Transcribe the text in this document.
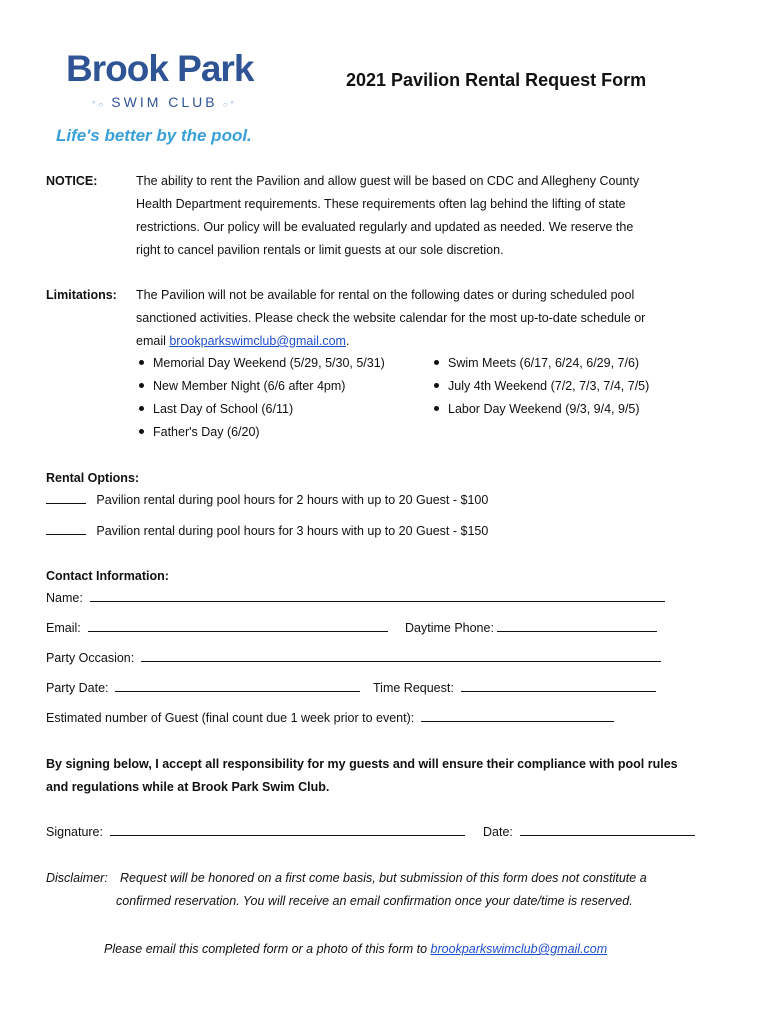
Brook Park
°○ SWIM CLUB ○°
Life's better by the pool.
2021 Pavilion Rental Request Form
NOTICE:	The ability to rent the Pavilion and allow guest will be based on CDC and Allegheny County
Health Department requirements. These requirements often lag behind the lifting of state
restrictions. Our policy will be evaluated regularly and updated as needed. We reserve the
right to cancel pavilion rentals or limit guests at our sole discretion.
Limitations: The Pavilion will not be available for rental on the following dates or during scheduled pool
sanctioned activities. Please check the website calendar for the most up-to-date schedule or
email brookparkswimclub@gmail.com.
Memorial Day Weekend (5/29, 5/30, 5/31)
New Member Night (6/6 after 4pm)
Last Day of School (6/11)
Father's Day (6/20)
Swim Meets (6/17, 6/24, 6/29, 7/6)
July 4th Weekend (7/2, 7/3, 7/4, 7/5)
Labor Day Weekend (9/3, 9/4, 9/5)
Rental Options:
Pavilion rental during pool hours for 2 hours with up to 20 Guest - $100
Pavilion rental during pool hours for 3 hours with up to 20 Guest - $150
Contact Information:
Name:
Email:	Daytime Phone:
Party Occasion:
Party Date:	Time Request:
Estimated number of Guest (final count due 1 week prior to event):
By signing below, I accept all responsibility for my guests and will ensure their compliance with pool rules
and regulations while at Brook Park Swim Club.
Signature:	Date:
Disclaimer: Request will be honored on a first come basis, but submission of this form does not constitute a
confirmed reservation. You will receive an email confirmation once your date/time is reserved.
Please email this completed form or a photo of this form to brookparkswimclub@gmail.com
